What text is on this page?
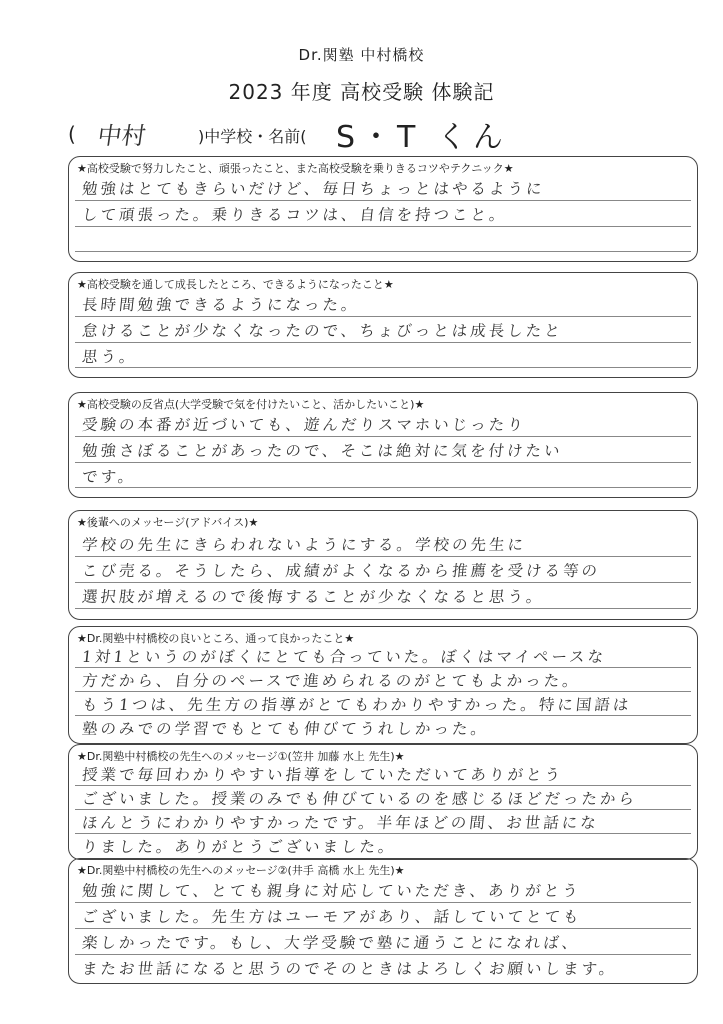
Dr.関塾 中村橋校
2023 年度 高校受験 体験記
( 中村	)中学校・名前( S・T くん
★高校受験で努力したこと、頑張ったこと、また高校受験を乗りきるコツやテクニック★
勉強はとてもきらいだけど、毎日ちょっとはやるように
して頑張った。乗りきるコツは、自信を持つこと。
★高校受験を通して成長したところ、できるようになったこと★
長時間勉強できるようになった。
怠けることが少なくなったので、ちょびっとは成長したと
思う。
★高校受験の反省点(大学受験で気を付けたいこと、活かしたいこと)★
受験の本番が近づいても、遊んだりスマホいじったり
勉強さぼることがあったので、そこは絶対に気を付けたい
です。
★後輩へのメッセージ(アドバイス)★
学校の先生にきらわれないようにする。学校の先生に
こび売る。そうしたら、成績がよくなるから推薦を受ける等の
選択肢が増えるので後悔することが少なくなると思う。
★Dr.関塾中村橋校の良いところ、通って良かったこと★
1対1というのがぼくにとても合っていた。ぼくはマイペースな
方だから、自分のペースで進められるのがとてもよかった。
もう1つは、先生方の指導がとてもわかりやすかった。特に国語は
塾のみでの学習でもとても伸びてうれしかった。
★Dr.関塾中村橋校の先生へのメッセージ①(笠井 加藤 水上 先生)★
授業で毎回わかりやすい指導をしていただいてありがとう
ございました。授業のみでも伸びているのを感じるほどだったから
ほんとうにわかりやすかったです。半年ほどの間、お世話にな
りました。ありがとうございました。
★Dr.関塾中村橋校の先生へのメッセージ②(井手 高橋 水上 先生)★
勉強に関して、とても親身に対応していただき、ありがとう
ございました。先生方はユーモアがあり、話していてとても
楽しかったです。もし、大学受験で塾に通うことになれば、
またお世話になると思うのでそのときはよろしくお願いします。
